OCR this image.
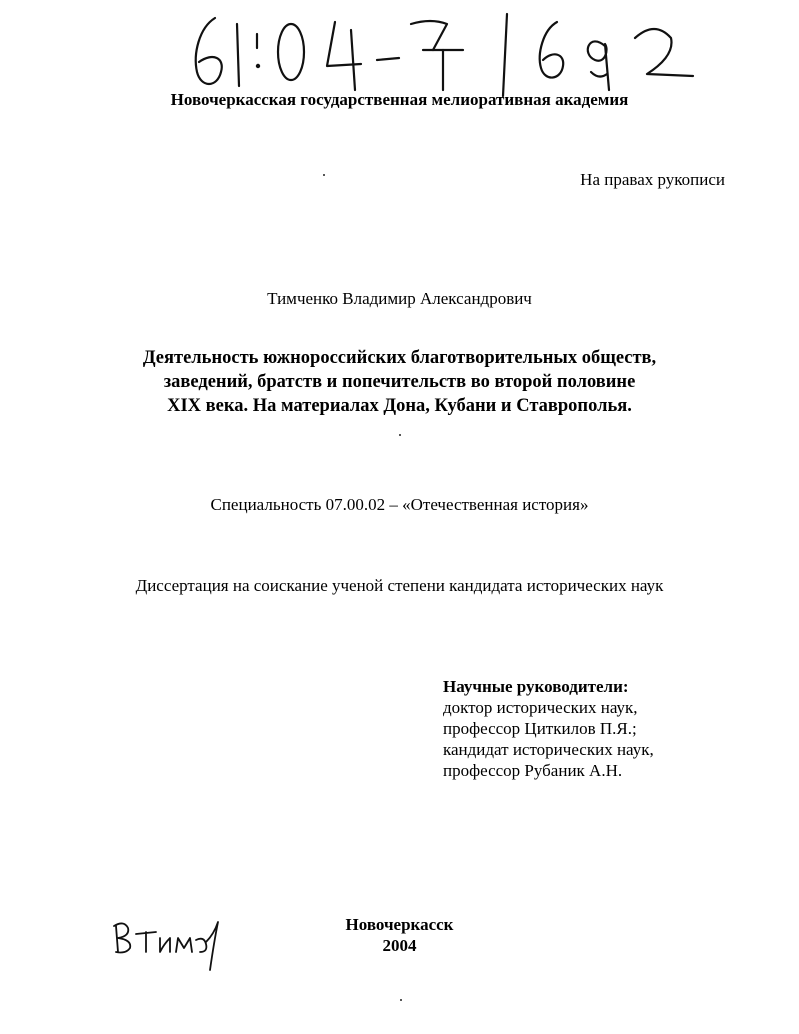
61:04-7/692
Новочеркасская государственная мелиоративная академия
На правах рукописи
Тимченко Владимир Александрович
Деятельность южнороссийских благотворительных обществ,
заведений, братств и попечительств во второй половине
XIX века. На материалах Дона, Кубани и Ставрополья.
Специальность 07.00.02 – «Отечественная история»
Диссертация на соискание ученой степени кандидата исторических наук
Научные руководители:
доктор исторических наук,
профессор Циткилов П.Я.;
кандидат исторических наук,
профессор Рубаник А.Н.
Новочеркасск
2004
